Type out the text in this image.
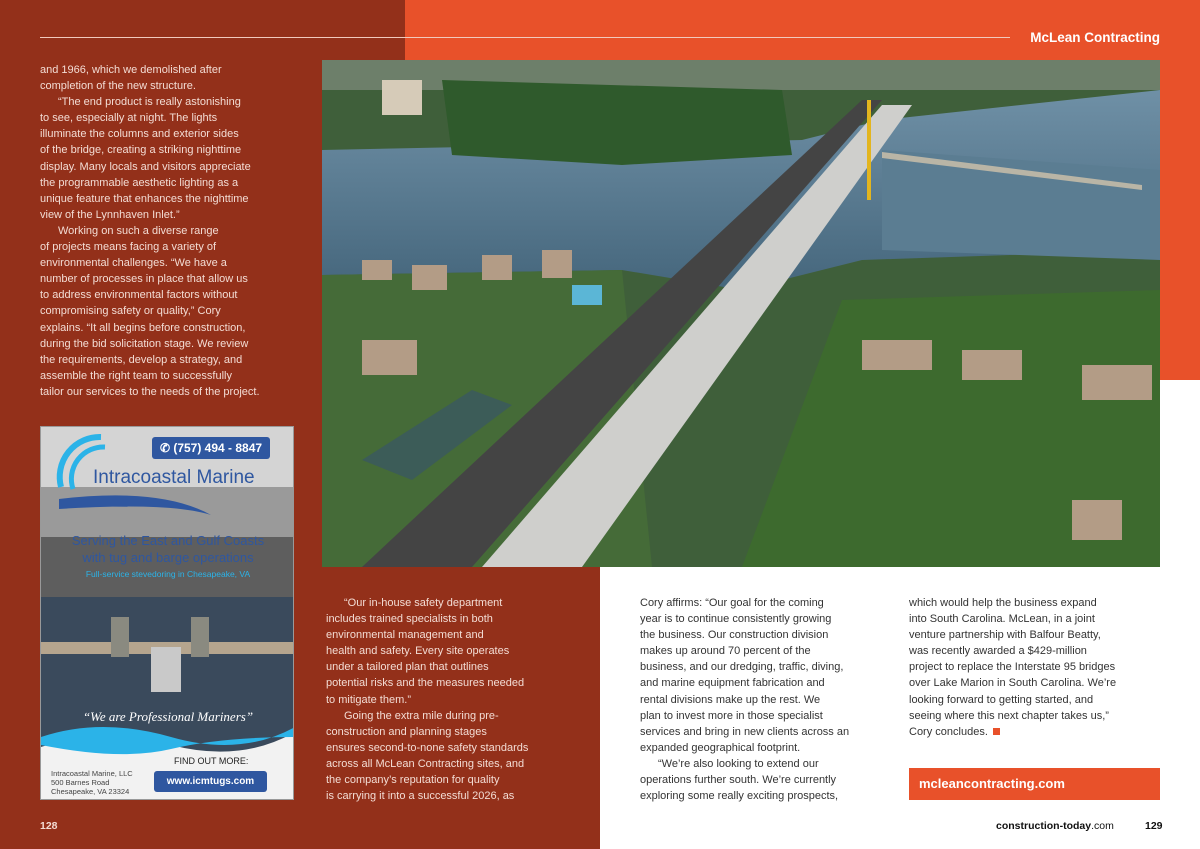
McLean Contracting

and 1966, which we demolished after
completion of the new structure.

“The end product is really astonishing
to see, especially at night. The lights
illuminate the columns and exterior sides
of the bridge, creating a striking nighttime
display. Many locals and visitors appreciate
the programmable aesthetic lighting as a
unique feature that enhances the nighttime
view of the Lynnhaven Inlet.”

Working on such a diverse range
of projects means facing a variety of
environmental challenges. “We have a
number of processes in place that allow us
to address environmental factors without
compromising safety or quality,” Cory
explains. “It all begins before construction,
during the bid solicitation stage. We review
the requirements, develop a strategy, and
assemble the right team to successfully
tailor our services to the needs of the project.

✆ (757) 494 - 8847
Intracoastal Marine
Serving the East and Gulf Coasts
with tug and barge operations
Full-service stevedoring in Chesapeake, VA
“We are Professional Mariners”
FIND OUT MORE:
www.icmtugs.com
Intracoastal Marine, LLC
500 Barnes Road
Chesapeake, VA 23324

“Our in-house safety department
includes trained specialists in both
environmental management and
health and safety. Every site operates
under a tailored plan that outlines
potential risks and the measures needed
to mitigate them.”

Going the extra mile during pre-
construction and planning stages
ensures second-to-none safety standards
across all McLean Contracting sites, and
the company’s reputation for quality
is carrying it into a successful 2026, as

Cory affirms: “Our goal for the coming
year is to continue consistently growing
the business. Our construction division
makes up around 70 percent of the
business, and our dredging, traffic, diving,
and marine equipment fabrication and
rental divisions make up the rest. We
plan to invest more in those specialist
services and bring in new clients across an
expanded geographical footprint.

“We’re also looking to extend our
operations further south. We’re currently
exploring some really exciting prospects,

which would help the business expand
into South Carolina. McLean, in a joint
venture partnership with Balfour Beatty,
was recently awarded a $429-million
project to replace the Interstate 95 bridges
over Lake Marion in South Carolina. We’re
looking forward to getting started, and
seeing where this next chapter takes us,”
Cory concludes.

mcleancontracting.com
128	construction-today.com	129
